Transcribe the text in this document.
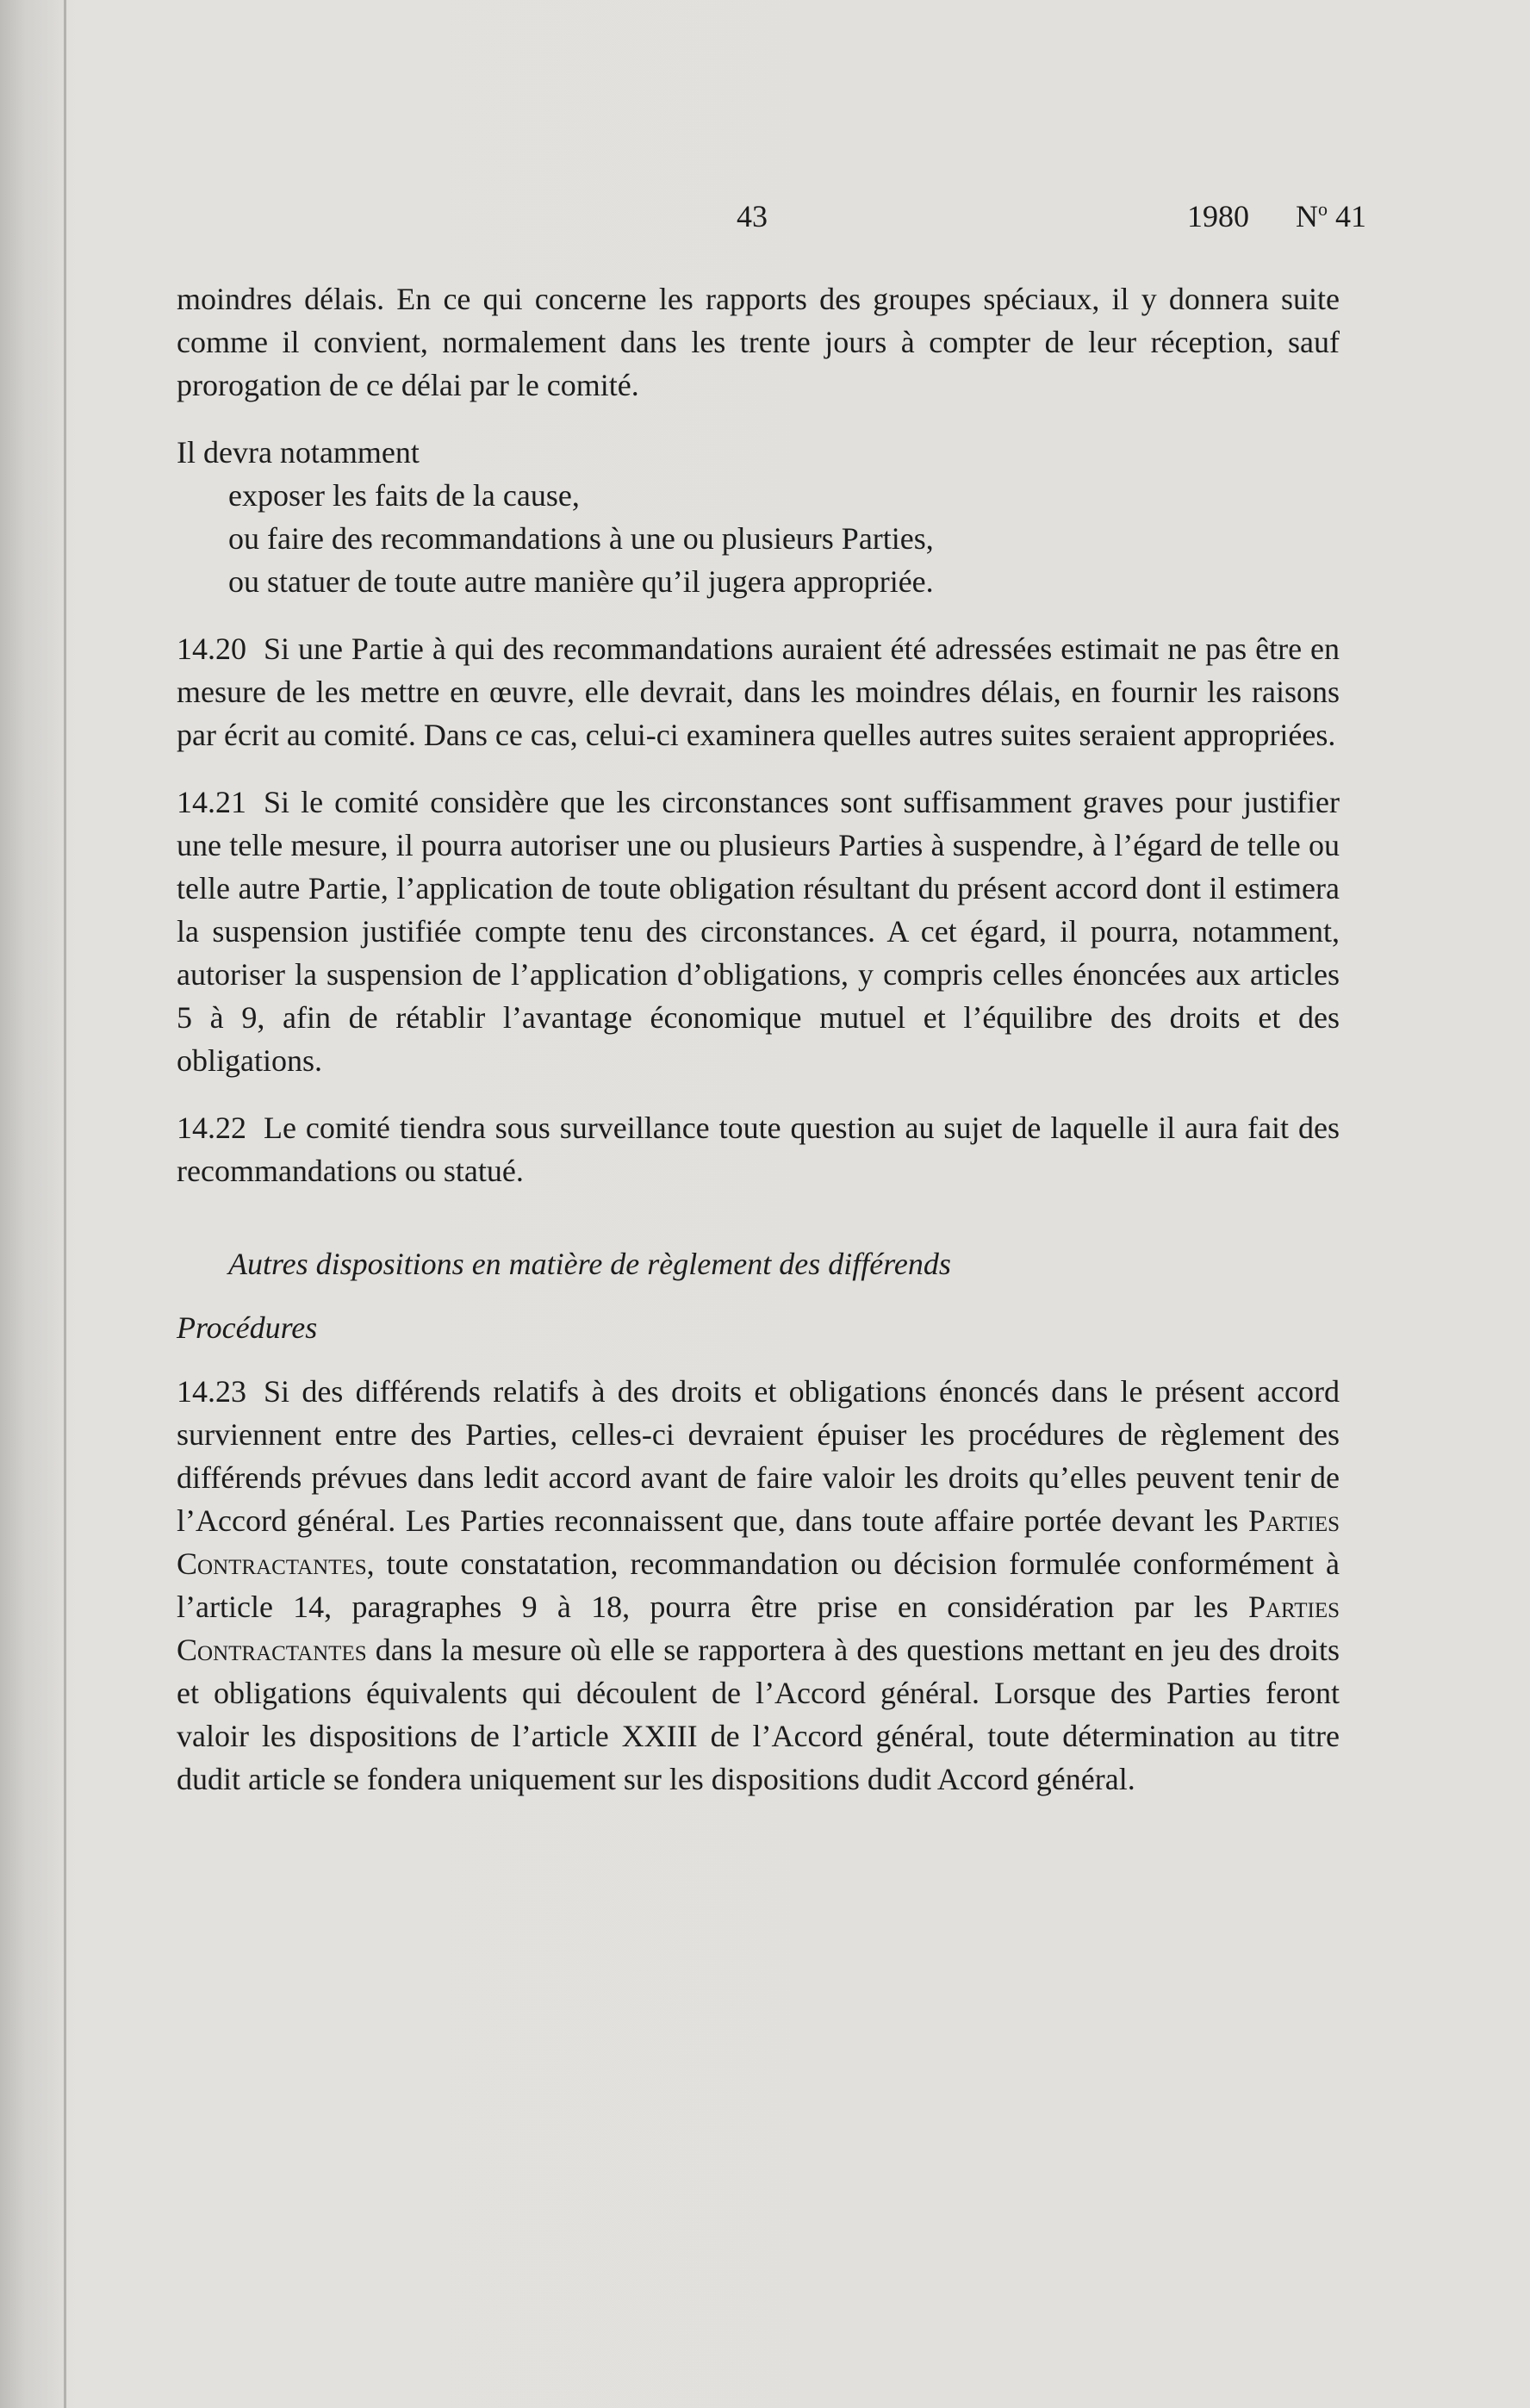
43	1980 $N^o$ 41

moindres délais. En ce qui concerne les rapports des groupes spéciaux, il y donnera suite comme il convient, normalement dans les trente jours à compter de leur réception, sauf prorogation de ce délai par le comité.

Il devra notamment

exposer les faits de la cause,
ou faire des recommandations à une ou plusieurs Parties,
ou statuer de toute autre manière qu’il jugera appropriée.

14.20 Si une Partie à qui des recommandations auraient été adressées estimait ne pas être en mesure de les mettre en œuvre, elle devrait, dans les moindres délais, en fournir les raisons par écrit au comité. Dans ce cas, celui-ci examinera quelles autres suites seraient appropriées.

14.21 Si le comité considère que les circonstances sont suffisamment graves pour justifier une telle mesure, il pourra autoriser une ou plusieurs Parties à suspendre, à l’égard de telle ou telle autre Partie, l’application de toute obligation résultant du présent accord dont il estimera la suspension justifiée compte tenu des circonstances. A cet égard, il pourra, notamment, autoriser la suspension de l’application d’obligations, y compris celles énoncées aux articles 5 à 9, afin de rétablir l’avantage économique mutuel et l’équilibre des droits et des obligations.

14.22 Le comité tiendra sous surveillance toute question au sujet de laquelle il aura fait des recommandations ou statué.

Autres dispositions en matière de règlement des différends
Procédures

14.23 Si des différends relatifs à des droits et obligations énoncés dans le présent accord surviennent entre des Parties, celles-ci devraient épuiser les procédures de règlement des différends prévues dans ledit accord avant de faire valoir les droits qu’elles peuvent tenir de l’Accord général. Les Parties reconnaissent que, dans toute affaire portée devant les Parties Contractantes, toute constatation, recommandation ou décision formulée conformément à l’article 14, paragraphes 9 à 18, pourra être prise en considération par les Parties Contractantes dans la mesure où elle se rapportera à des questions mettant en jeu des droits et obligations équivalents qui découlent de l’Accord général. Lorsque des Parties feront valoir les dispositions de l’article XXIII de l’Accord général, toute détermination au titre dudit article se fondera uniquement sur les dispositions dudit Accord général.
